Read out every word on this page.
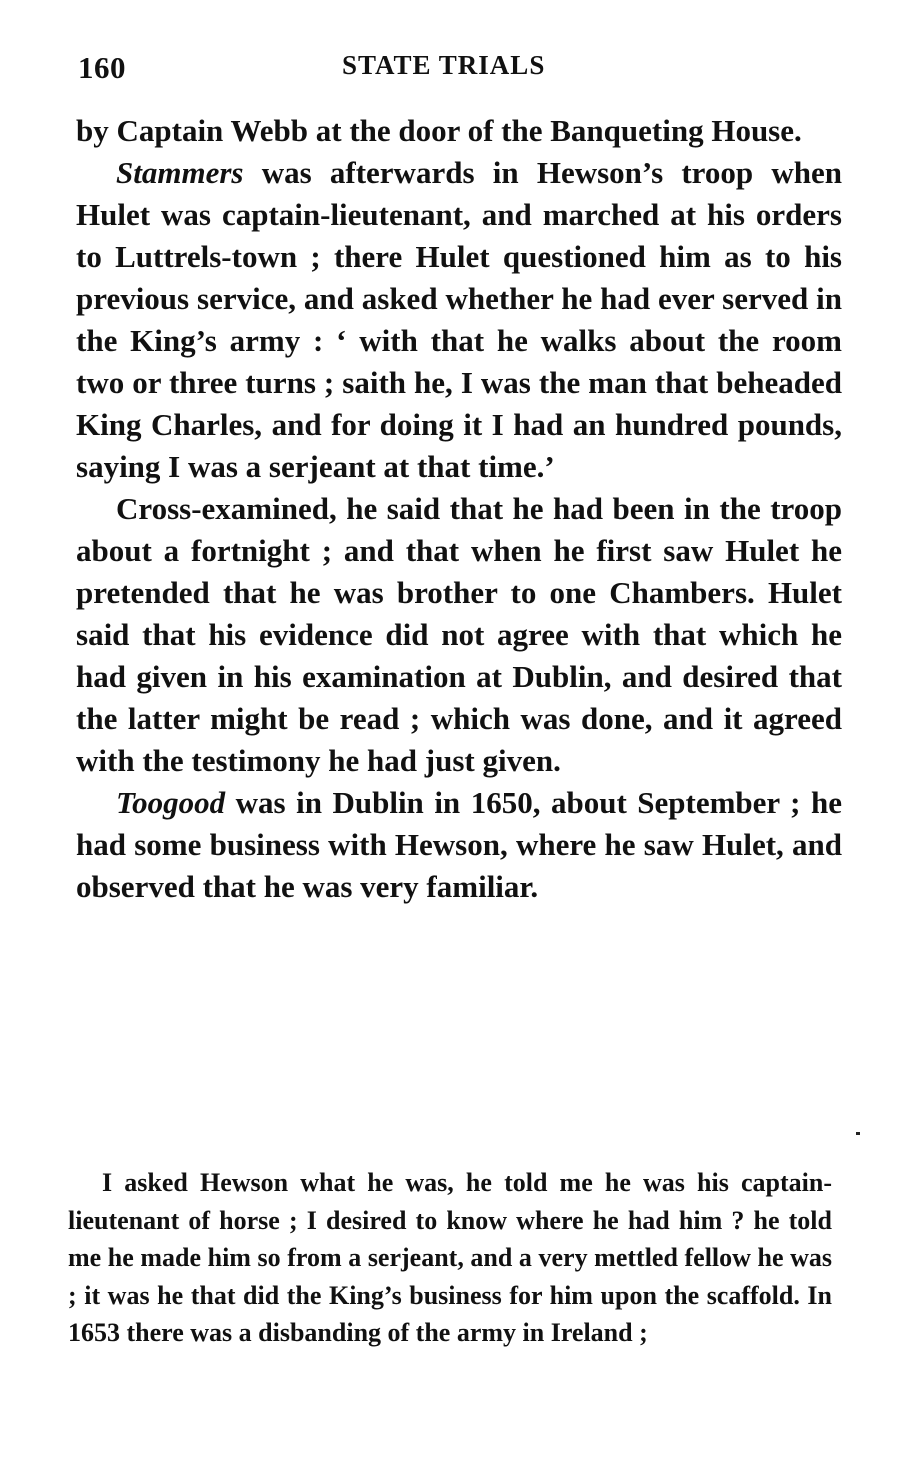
160	STATE TRIALS

by Captain Webb at the door of the Banqueting House.

Stammers was afterwards in Hewson’s troop when Hulet was captain-lieutenant, and marched at his orders to Luttrels-town ; there Hulet questioned him as to his previous service, and asked whether he had ever served in the King’s army : ‘ with that he walks about the room two or three turns ; saith he, I was the man that beheaded King Charles, and for doing it I had an hundred pounds, saying I was a serjeant at that time.’

Cross-examined, he said that he had been in the troop about a fortnight ; and that when he first saw Hulet he pretended that he was brother to one Chambers. Hulet said that his evidence did not agree with that which he had given in his examination at Dublin, and desired that the latter might be read ; which was done, and it agreed with the testimony he had just given.

Toogood was in Dublin in 1650, about September ; he had some business with Hewson, where he saw Hulet, and observed that he was very familiar.

I asked Hewson what he was, he told me he was his captain-lieutenant of horse ; I desired to know where he had him ? he told me he made him so from a serjeant, and a very mettled fellow he was ; it was he that did the King’s business for him upon the scaffold. In 1653 there was a disbanding of the army in Ireland ;
